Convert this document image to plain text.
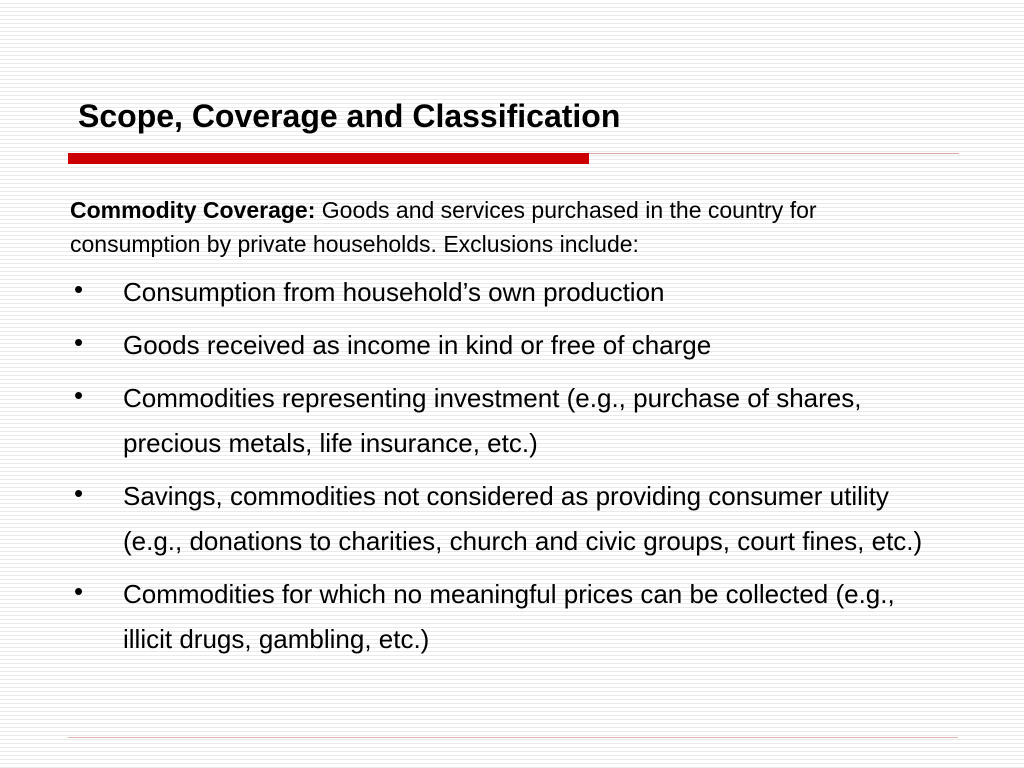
Scope, Coverage and Classification

Commodity Coverage: Goods and services purchased in the country for consumption by private households. Exclusions include:

• Consumption from household’s own production
• Goods received as income in kind or free of charge
• Commodities representing investment (e.g., purchase of shares, precious metals, life insurance, etc.)
• Savings, commodities not considered as providing consumer utility (e.g., donations to charities, church and civic groups, court fines, etc.)
• Commodities for which no meaningful prices can be collected (e.g., illicit drugs, gambling, etc.)
